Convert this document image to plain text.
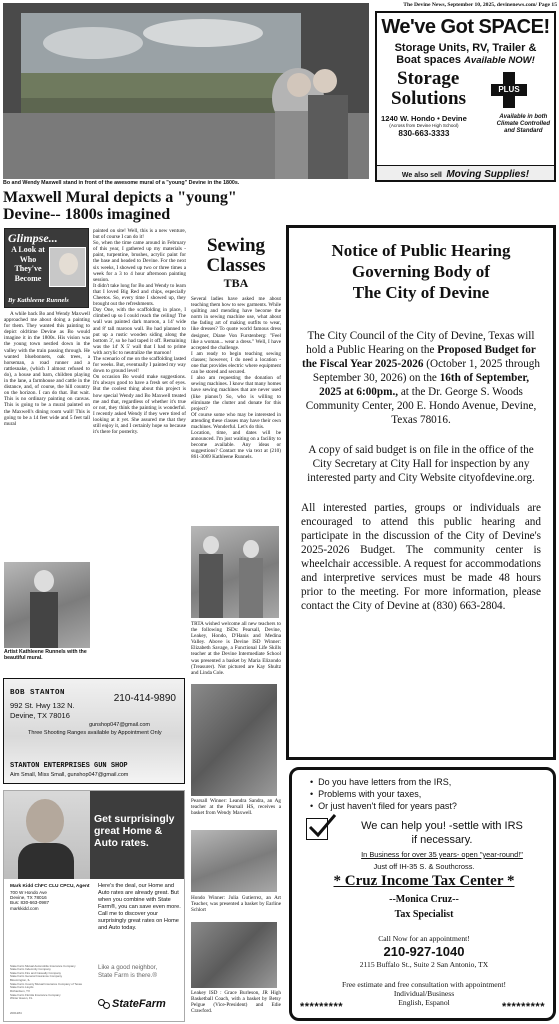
Bo and Wendy Maxwell stand in front of the awesome mural of a "young" Devine in the 1800s.
The Devine News, September 10, 2025, devinenews.com/ Page 15
We've Got SPACE!
Storage Units, RV, Trailer &
Boat spaces Available NOW!
Storage
Solutions	PLUS
1240 W. Hondo • Devine
(Across from Devine High School)
830-663-3333
Available in both
Climate Controlled
and Standard
We also sell Moving Supplies!
Maxwell Mural depicts a "young" Devine-- 1800s imagined
Glimpse...
A Look at
Who
They've
Become
By Kathleene Runnels
A while back Bo and Wendy Maxwell approached me about doing a painting for them. They wanted this painting to depict old/time Devine as Bo would imagine it in the 1800s. His vision was the young town nestled down in the valley with the train passing through. He wanted bluebonnets, oak trees, a horseman, a road runner and a rattlesnake, (which I almost refused to do), a house and barn, children playing in the lane, a farmhouse and cattle in the distance, and, of course, the hill country on the horizon. I can do that. But wait. This is no ordinary painting on canvas. This is going to be a mural painted on the Maxwell's dining room wall! This is going to be a 14 feet wide and 5 feet tall mural
Artist Kathleene Runnels with the beautiful mural.
painted on site! Well, this is a new venture, but of course I can do it!
So, when the time came around in February of this year, I gathered up my materials - paint, turpentine, brushes, acrylic paint for the base and headed to Devine. For the next six weeks, I showed up two or three times a week for a 3 to 4 hour afternoon painting session.
It didn't take long for Bo and Wendy to learn that I loved Big Red and chips, especially Cheetos. So, every time I showed up, they brought out the refreshments.
Day One, with the scaffolding in place, I climbed up so I could reach the ceiling! The wall was painted dark maroon, a 14' wide and 8' tall maroon wall. Bo had planned to put up a rustic wooden siding along the bottom 3', so he had taped it off. Remaining was the 14' X 5' wall that I had to prime with acrylic to neutralize the maroon!
The scenario of me on the scaffolding lasted for weeks. But, eventually I painted my way down to ground level!
On occasion Bo would make suggestions. It's always good to have a fresh set of eyes. But the coolest thing about this project is how special Wendy and Bo Maxwell treated me and that, regardless of whether it's true or not, they think the painting is wonderful. I recently asked Wendy if they were tired of looking at it yet. She assured me that they still enjoy it, and I certainly hope so because it's there for posterity.
BOB STANTON	210-414-9890
992 St. Hwy 132 N.
Devine, TX 78016
gunshop047@gmail.com
Three Shooting Ranges available by Appointment Only
STANTON ENTERPRISES GUN SHOP
Aim Small, Miss Small, gunshop047@gmail.com
Get surprisingly great Home & Auto rates.
Mark Kidd ChFC CLU CPCU, Agent
700 W Hondo Ave
Devine, TX 78016
Bus: 830-663-0987
markkidd.com
Here's the deal, our Home and Auto rates are already great. But when you combine with State Farm®, you can save even more. Call me to discover your surprisingly great rates on Home and Auto today.
Like a good neighbor,
State Farm is there.®
StateFarm
State Farm Mutual Automobile Insurance Company
State Farm Indemnity Company
State Farm Fire and Casualty Company
State Farm General Insurance Company
Bloomington, IL
State Farm County Mutual Insurance Company of Texas
State Farm Lloyds
Richardson, TX
State Farm Florida Insurance Company
Winter Haven, FL
2001284
Sewing
Classes
TBA
Several ladies have asked me about teaching them how to sew garments. While quilting and mending have become the norm in sewing machine use, what about the fading art of making outfits to wear, like dresses? To quote world famous dress designer, Diane Von Furstenberg: "Feel like a woman... wear a dress." Well, I have accepted the challenge.
I am ready to begin teaching sewing classes; however, I do need a location - one that provides electric where equipment can be stored and secured.
I also am requesting the donation of sewing machines. I know that many homes have sewing machines that are never used (like pianos!) So, who is willing to eliminate the clutter and donate for this project?
Of course some who may be interested in attending these classes may have their own machines. Wonderful. Let's do this.
Location, time, and dates will be announced. I'm just waiting on a facility to become available. Any ideas or suggestions? Contact me via text at (210) 861-3069 Kathleene Runnels.
TRTA wished welcome all new teachers to the following ISDs: Pearsall, Devine, Leakey, Hondo, D'Hanis and Medina Valley. Above is Devine ISD Winner: Elizabeth Savage, a Functional Life Skills teacher at the Devine Intermediate School was presented a basket by Maria Elizondo (Treasurer). Not pictured are Kay Shultz and Linda Cole.
Pearsall Winner: Leandra Sandra, an Ag teacher at the Pearsall HS, receives a basket from Wendy Maxwell.
Hondo Winner: Julia Gutierrez, an Art Teacher, was presented a basket by Earline Schlort
Leakey ISD : Grace Burleson, JR High Basketball Coach, with a basket by Betsy Pelgue (Vice-President) and Edie Crawford.
Notice of Public Hearing
Governing Body of
The City of Devine
The City Council of the City of Devine, Texas will hold a Public Hearing on the Proposed Budget for the Fiscal Year 2025-2026 (October 1, 2025 through September 30, 2026) on the 16th of September, 2025 at 6:00pm., at the Dr. George S. Woods Community Center, 200 E. Hondo Avenue, Devine, Texas 78016.
A copy of said budget is on file in the office of the City Secretary at City Hall for inspection by any interested party and City Website cityofdevine.org.
All interested parties, groups or individuals are encouraged to attend this public hearing and participate in the discussion of the City of Devine's 2025-2026 Budget. The community center is wheelchair accessible. A request for accommodations and interpretive services must be made 48 hours prior to the meeting. For more information, please contact the City of Devine at (830) 663-2804.
•  Do you have letters from the IRS,
•  Problems with your taxes,
•  Or just haven't filed for years past?
We can help you! -settle with IRS
if necessary.
In Business for over 35 years- open "year-round!"
Just off IH-35 S. & Southcross.
* Cruz Income Tax Center *
--Monica Cruz--
Tax Specialist
Call Now for an appointment!
210-927-1040
2115 Buffalo St., Suite 2 San Antonio, TX
Free estimate and free consultation with appointment!
Individual/Business
English, Espanol
*********	*********
